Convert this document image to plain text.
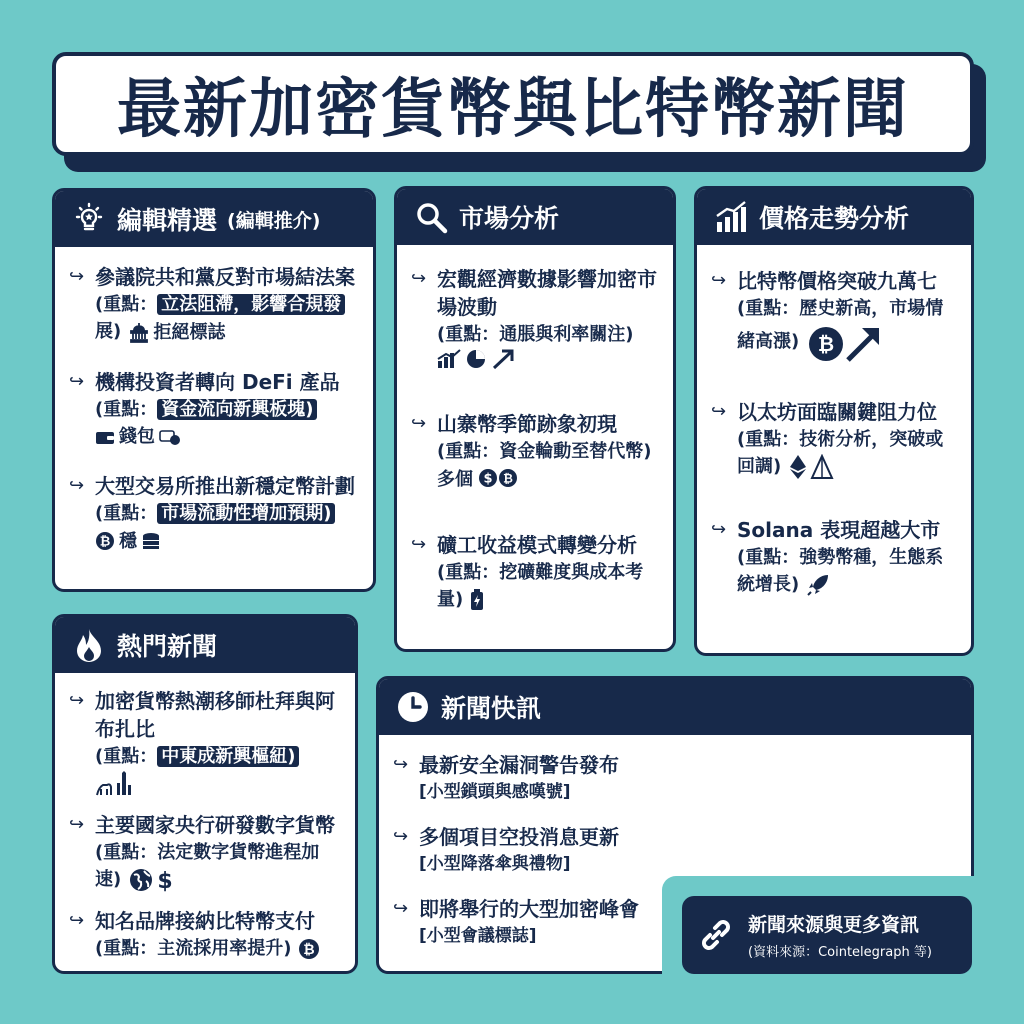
最新加密貨幣與比特幣新聞
編輯精選 (編輯推介)
↪ 參議院共和黨反對市場結法案
(重點： 立法阻滯，影響合規發
展) 拒絕標誌
↪ 機構投資者轉向 DeFi 產品
(重點： 資金流向新興板塊)
錢包
↪ 大型交易所推出新穩定幣計劃
(重點： 市場流動性增加預期)
₿ 穩
市場分析
↪ 宏觀經濟數據影響加密市場波動
(重點：通脹與利率關注)
↪ 山寨幣季節跡象初現
(重點：資金輪動至替代幣)
多個 $ ₿
↪ 礦工收益模式轉變分析
(重點：挖礦難度與成本考量)
價格走勢分析
↪ 比特幣價格突破九萬七
(重點：歷史新高，市場情緒高漲) ₿
↪ 以太坊面臨關鍵阻力位
(重點：技術分析，突破或回調)
↪ Solana 表現超越大市
(重點：強勢幣種，生態系統增長)
熱門新聞
↪ 加密貨幣熱潮移師杜拜與阿布扎比
(重點： 中東成新興樞紐)
↪ 主要國家央行研發數字貨幣
(重點：法定數字貨幣進程加速) $
↪ 知名品牌接納比特幣支付
(重點：主流採用率提升) ₿
新聞快訊
↪ 最新安全漏洞警告發布
[小型鎖頭與感嘆號]
↪ 多個項目空投消息更新
[小型降落傘與禮物]
↪ 即將舉行的大型加密峰會
[小型會議標誌]	新聞來源與更多資訊
(資料來源：Cointelegraph 等)
